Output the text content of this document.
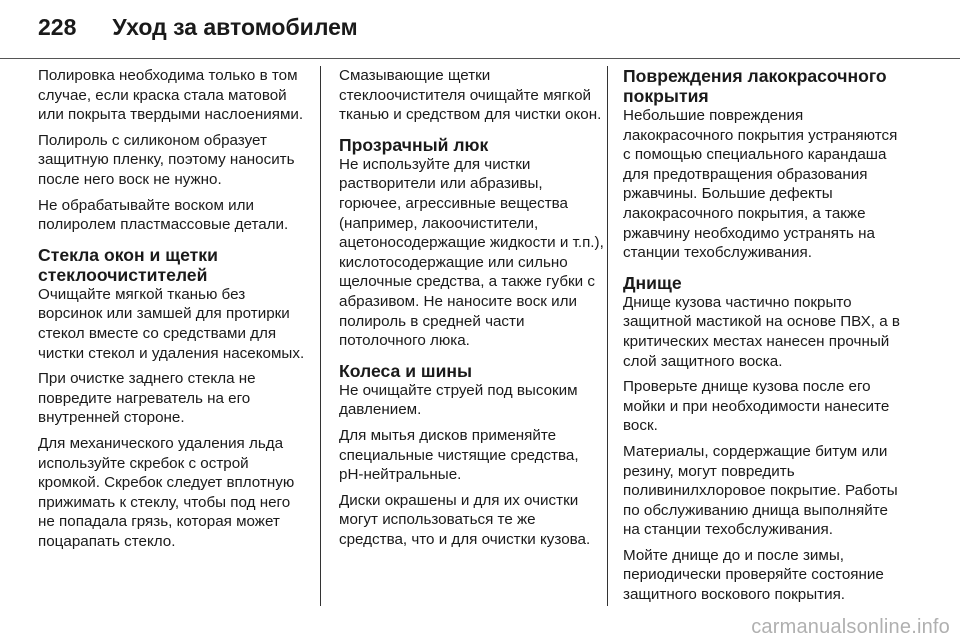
228 Уход за автомобилем

Полировка необходима только в том случае, если краска стала матовой или покрыта твердыми наслоениями.

Полироль с силиконом образует защитную пленку, поэтому наносить после него воск не нужно.

Не обрабатывайте воском или полиролем пластмассовые детали.

Стекла окон и щетки стеклоочистителей

Очищайте мягкой тканью без ворсинок или замшей для протирки стекол вместе со средствами для чистки стекол и удаления насекомых.

При очистке заднего стекла не повредите нагреватель на его внутренней стороне.

Для механического удаления льда используйте скребок с острой кромкой. Скребок следует вплотную прижимать к стеклу, чтобы под него не попадала грязь, которая может поцарапать стекло.

Смазывающие щетки стеклоочистителя очищайте мягкой тканью и средством для чистки окон.

Прозрачный люк

Не используйте для чистки растворители или абразивы, горючее, агрессивные вещества (например, лакоочистители, ацетоносодержащие жидкости и т.п.), кислотосодержащие или сильно щелочные средства, а также губки с абразивом. Не наносите воск или полироль в средней части потолочного люка.

Колеса и шины

Не очищайте струей под высоким давлением.

Для мытья дисков применяйте специальные чистящие средства, pH-нейтральные.

Диски окрашены и для их очистки могут использоваться те же средства, что и для очистки кузова.

Повреждения лакокрасочного покрытия

Небольшие повреждения лакокрасочного покрытия устраняются с помощью специального карандаша для предотвращения образования ржавчины. Большие дефекты лакокрасочного покрытия, а также ржавчину необходимо устранять на станции техобслуживания.

Днище

Днище кузова частично покрыто защитной мастикой на основе ПВХ, а в критических местах нанесен прочный слой защитного воска.

Проверьте днище кузова после его мойки и при необходимости нанесите воск.

Материалы, сордержащие битум или резину, могут повредить поливинилхлоровое покрытие. Работы по обслуживанию днища выполняйте на станции техобслуживания.

Мойте днище до и после зимы, периодически проверяйте состояние защитного воскового покрытия.

carmanualsonline.info
